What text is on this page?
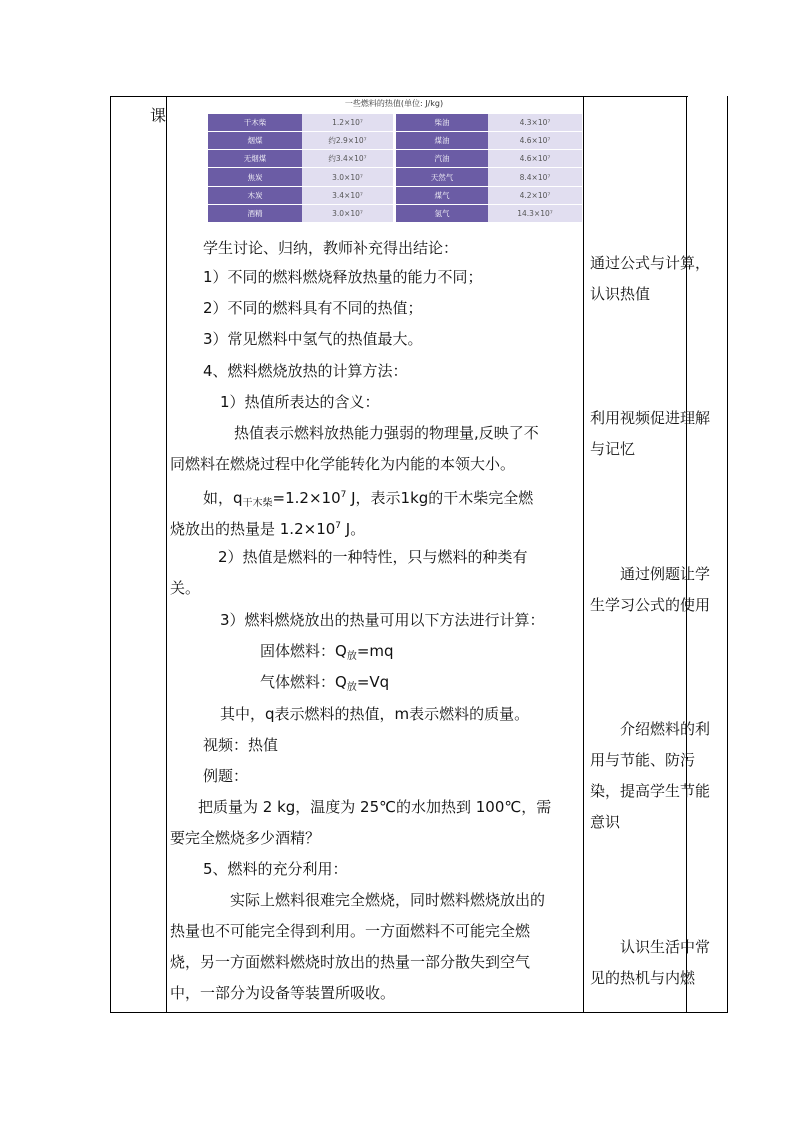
课
一些燃料的热值(单位: J/kg)
干木柴	1.2×10⁷	柴油	4.3×10⁷
烟煤	约2.9×10⁷	煤油	4.6×10⁷
无烟煤	约3.4×10⁷	汽油	4.6×10⁷
焦炭	3.0×10⁷	天然气	8.4×10⁷
木炭	3.4×10⁷	煤气	4.2×10⁷
酒精	3.0×10⁷	氢气	14.3×10⁷
学生讨论、归纳，教师补充得出结论：
1）不同的燃料燃烧释放热量的能力不同；
2）不同的燃料具有不同的热值；
3）常见燃料中氢气的热值最大。
4、燃料燃烧放热的计算方法：
1）热值所表达的含义：
热值表示燃料放热能力强弱的物理量,反映了不
同燃料在燃烧过程中化学能转化为内能的本领大小。
如，$q_{干木柴}=1.2\times 10^7$ J，表示1kg的干木柴完全燃
烧放出的热量是 $1.2\times 10^7$ J。
2）热值是燃料的一种特性，只与燃料的种类有
关。
3）燃料燃烧放出的热量可用以下方法进行计算：
固体燃料：$Q_放=mq$
气体燃料：$Q_放=Vq$
其中，q表示燃料的热值，m表示燃料的质量。
视频：热值
例题：
把质量为 2 kg，温度为 25℃的水加热到 100℃，需
要完全燃烧多少酒精？
5、燃料的充分利用：
实际上燃料很难完全燃烧，同时燃料燃烧放出的
热量也不可能完全得到利用。一方面燃料不可能完全燃
烧，另一方面燃料燃烧时放出的热量一部分散失到空气
中，一部分为设备等装置所吸收。
通过公式与计算，认识热值
利用视频促进理解与记忆
　　通过例题让学生学习公式的使用
　　介绍燃料的利用与节能、防污染，提高学生节能意识
　　认识生活中常见的热机与内燃
